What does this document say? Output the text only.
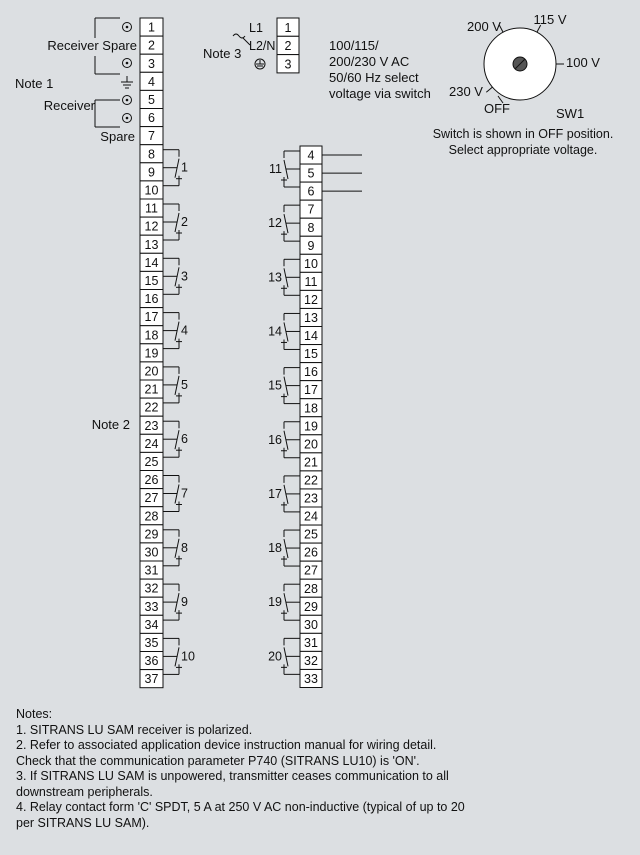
1
2
3
4
5
6
7
8
9
10
11
12
13
14
15
16
17
18
19
20
21
22
23
24
25
26
27
28
29
30
31
32
33
34
35
36
37
1
2
3
4
5
6
7
8
9
10
Receiver Spare
Note 1
Receiver
Spare
Note 2
4
5
6
7
8
9
10
11
12
13
14
15
16
17
18
19
20
21
22
23
24
25
26
27
28
29
30
31
32
33
11
12
13
14
15
16
17
18
19
20
1
2
3
L1
L2/N
Note 3
100/115/
200/230 V AC
50/60 Hz select
voltage via switch
200 V	115 V
100 V
230 V
OFF	SW1
Switch is shown in OFF position.
Select appropriate voltage.
Notes:
1. SITRANS LU SAM receiver is polarized.
2. Refer to associated application device instruction manual for wiring detail.
Check that the communication parameter P740 (SITRANS LU10) is 'ON'.
3. If SITRANS LU SAM is unpowered, transmitter ceases communication to all
downstream peripherals.
4. Relay contact form 'C' SPDT, 5 A at 250 V AC non-inductive (typical of up to 20
per SITRANS LU SAM).
